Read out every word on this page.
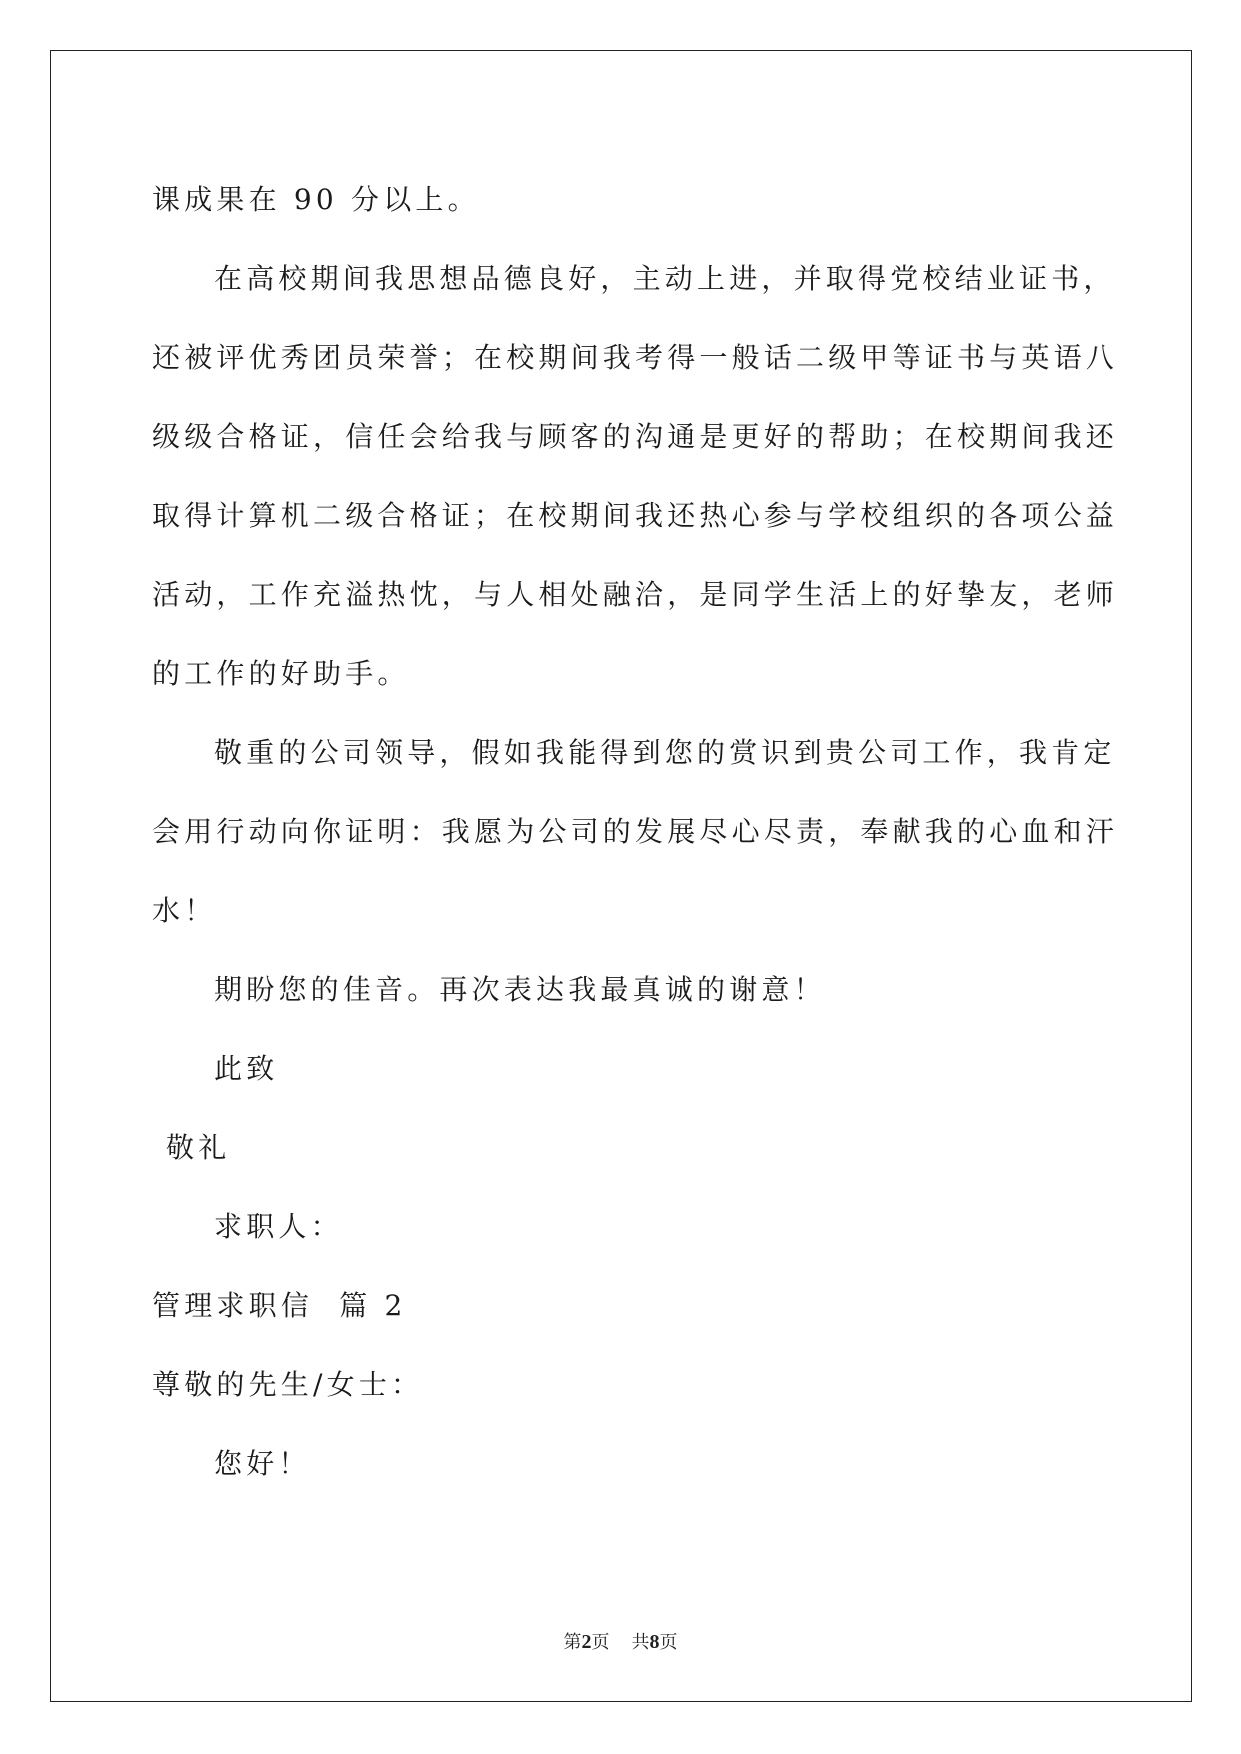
课成果在 90 分以上。
在高校期间我思想品德良好，主动上进，并取得党校结业证书，
还被评优秀团员荣誉；在校期间我考得一般话二级甲等证书与英语八
级级合格证，信任会给我与顾客的沟通是更好的帮助；在校期间我还
取得计算机二级合格证；在校期间我还热心参与学校组织的各项公益
活动，工作充溢热忱，与人相处融洽，是同学生活上的好挚友，老师
的工作的好助手。
敬重的公司领导，假如我能得到您的赏识到贵公司工作，我肯定
会用行动向你证明：我愿为公司的发展尽心尽责，奉献我的心血和汗
水！
期盼您的佳音。再次表达我最真诚的谢意！
此致
敬礼
求职人：
管理求职信  篇 2
尊敬的先生/女士：
您好！
第2页 共8页
